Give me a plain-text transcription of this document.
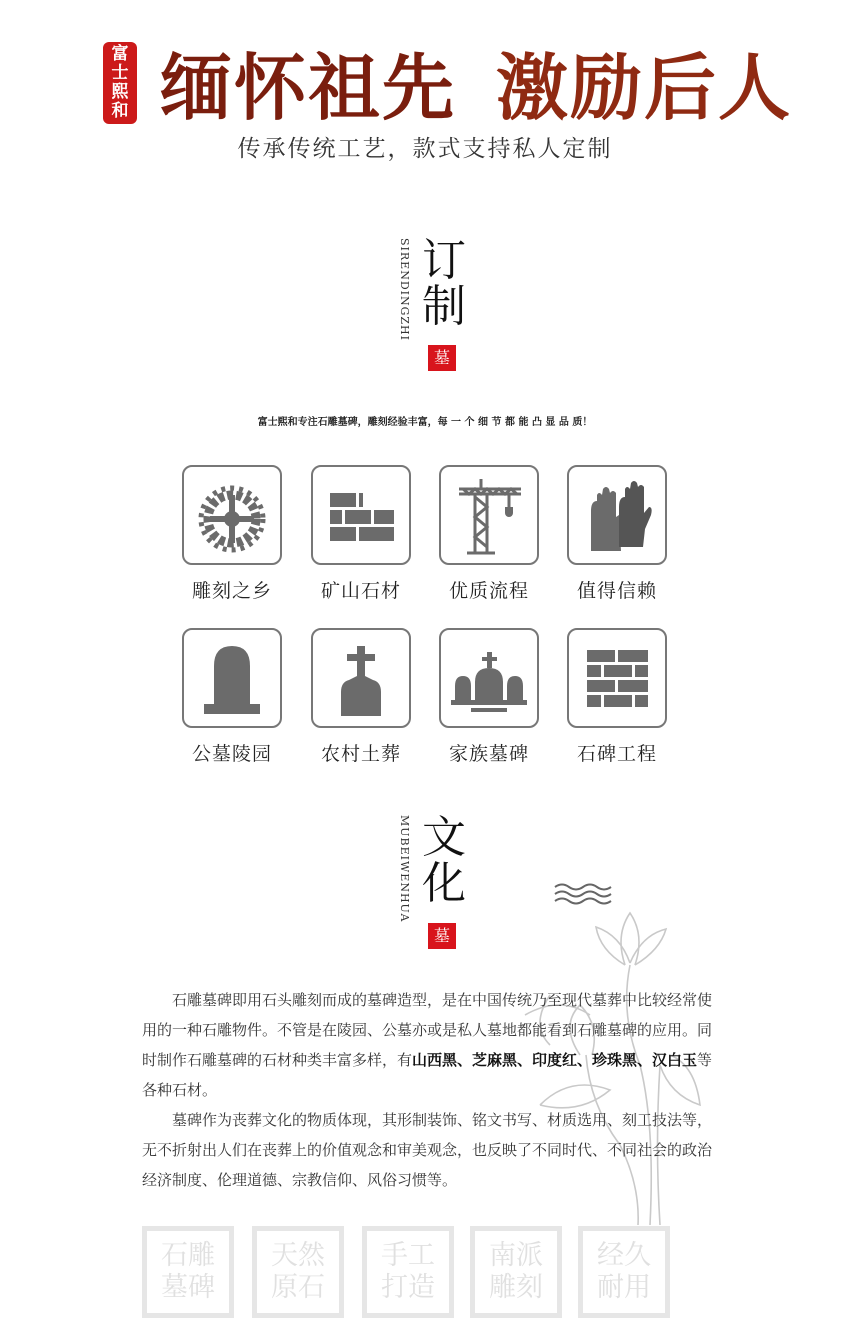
富
士
熙
和 缅怀祖先 激励后人
传承传统工艺，款式支持私人定制
SIRENDINGZHI 订
制
墓
富士熙和专注石雕墓碑，雕刻经验丰富，每 一 个 细 节 都 能 凸 显 品 质！
雕刻之乡	矿山石材	优质流程	值得信赖
公墓陵园	农村土葬	家族墓碑	石碑工程
MUBEIWENHUA 文
化
墓

石雕墓碑即用石头雕刻而成的墓碑造型，是在中国传统乃至现代墓葬中比较经常使用的一种石雕物件。不管是在陵园、公墓亦或是私人墓地都能看到石雕墓碑的应用。同时制作石雕墓碑的石材种类丰富多样，有山西黑、芝麻黑、印度红、珍珠黑、汉白玉等各种石材。

墓碑作为丧葬文化的物质体现，其形制装饰、铭文书写、材质选用、刻工技法等，无不折射出人们在丧葬上的价值观念和审美观念，也反映了不同时代、不同社会的政治经济制度、伦理道德、宗教信仰、风俗习惯等。

石雕
墓碑
天然
原石
手工
打造
南派
雕刻
经久
耐用
